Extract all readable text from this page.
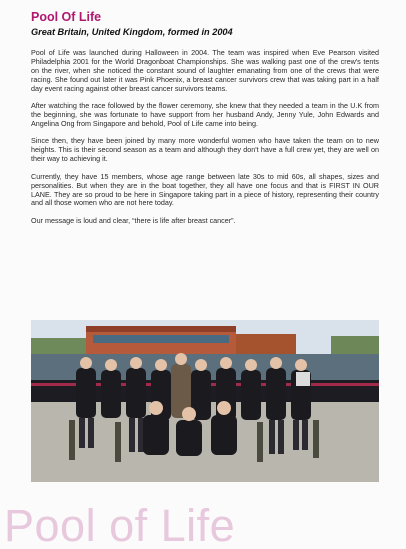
Pool Of Life
Great Britain, United Kingdom, formed in 2004

Pool of Life was launched during Halloween in 2004. The team was inspired when Eve Pearson visited Philadelphia 2001 for the World Dragonboat Championships. She was walking past one of the crew's tents on the river, when she noticed the constant sound of laughter emanating from one of the crews that were racing. She found out later it was Pink Phoenix, a breast cancer survivors crew that was taking part in a half day event racing against other breast cancer survivors teams.

After watching the race followed by the flower ceremony, she knew that they needed a team in the U.K from the beginning, she was fortunate to have support from her husband Andy, Jenny Yule, John Edwards and Angelina Ong from Singapore and behold, Pool of Life came into being.

Since then, they have been joined by many more wonderful women who have taken the team on to new heights. This is their second season as a team and although they don't have a full crew yet, they are well on their way to achieving it.

Currently, they have 15 members, whose age range between late 30s to mid 60s, all shapes, sizes and personalities. But when they are in the boat together, they all have one focus and that is FIRST IN OUR LANE. They are so proud to be here in Singapore taking part in a piece of history, representing their country and all those women who are not here today.

Our message is loud and clear, “there is life after breast cancer”.

Pool of Life
